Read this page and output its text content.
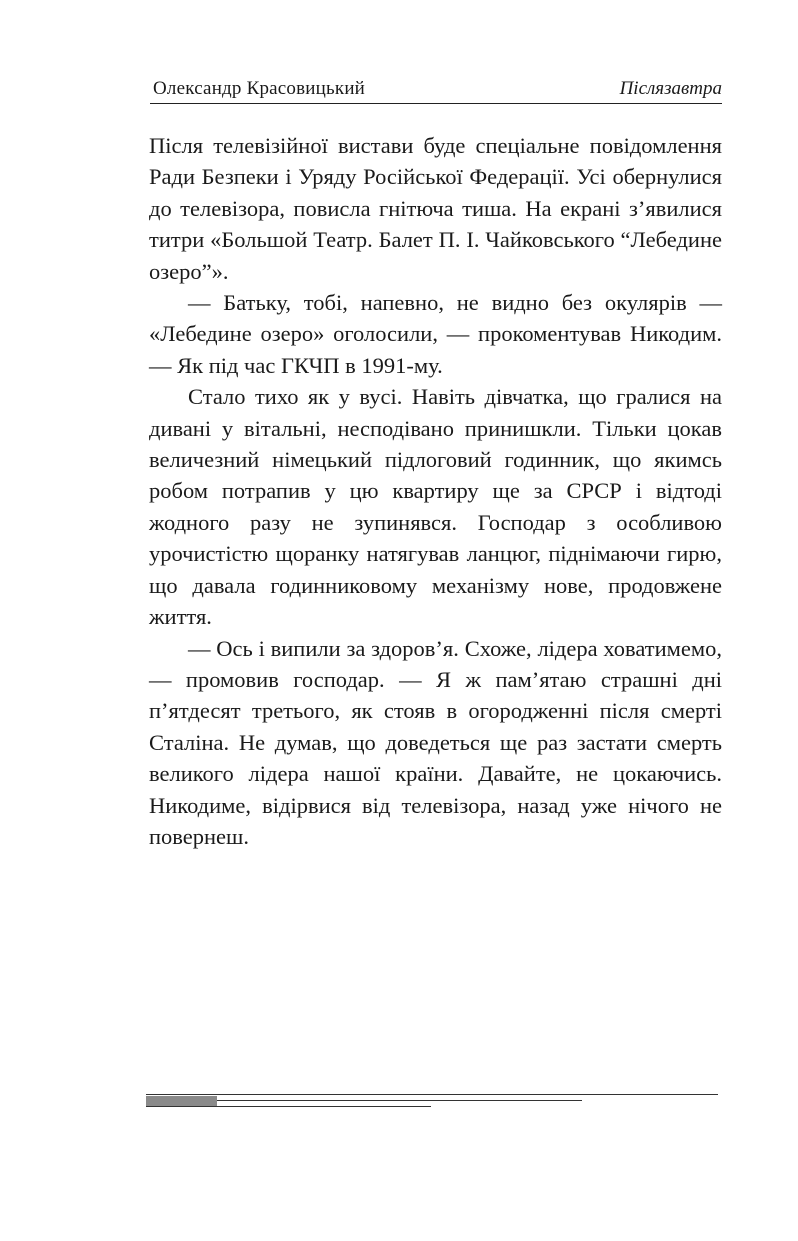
Олександр Красовицький	Післязавтра

Після телевізійної вистави буде спеціальне повідомлення Ради Безпеки і Уряду Російської Федерації. Усі обернулися до телевізора, повисла гнітюча тиша. На екрані з’явилися титри «Большой Театр. Балет П. І. Чайковського “Лебедине озеро”».

— Батьку, тобі, напевно, не видно без окулярів — «Лебедине озеро» оголосили, — прокоментував Никодим. — Як під час ГКЧП в 1991-му.

Стало тихо як у вусі. Навіть дівчатка, що гралися на дивані у вітальні, несподівано принишкли. Тільки цокав величезний німецький підлоговий годинник, що якимсь робом потрапив у цю квартиру ще за СРСР і відтоді жодного разу не зупинявся. Господар з особливою урочистістю щоранку натягував ланцюг, піднімаючи гирю, що давала годинниковому механізму нове, продовжене життя.

— Ось і випили за здоров’я. Схоже, лідера ховатимемо, — промовив господар. — Я ж пам’ятаю страшні дні п’ятдесят третього, як стояв в огородженні після смерті Сталіна. Не думав, що доведеться ще раз застати смерть великого лідера нашої країни. Давайте, не цокаючись. Никодиме, відірвися від телевізора, назад уже нічого не повернеш.
